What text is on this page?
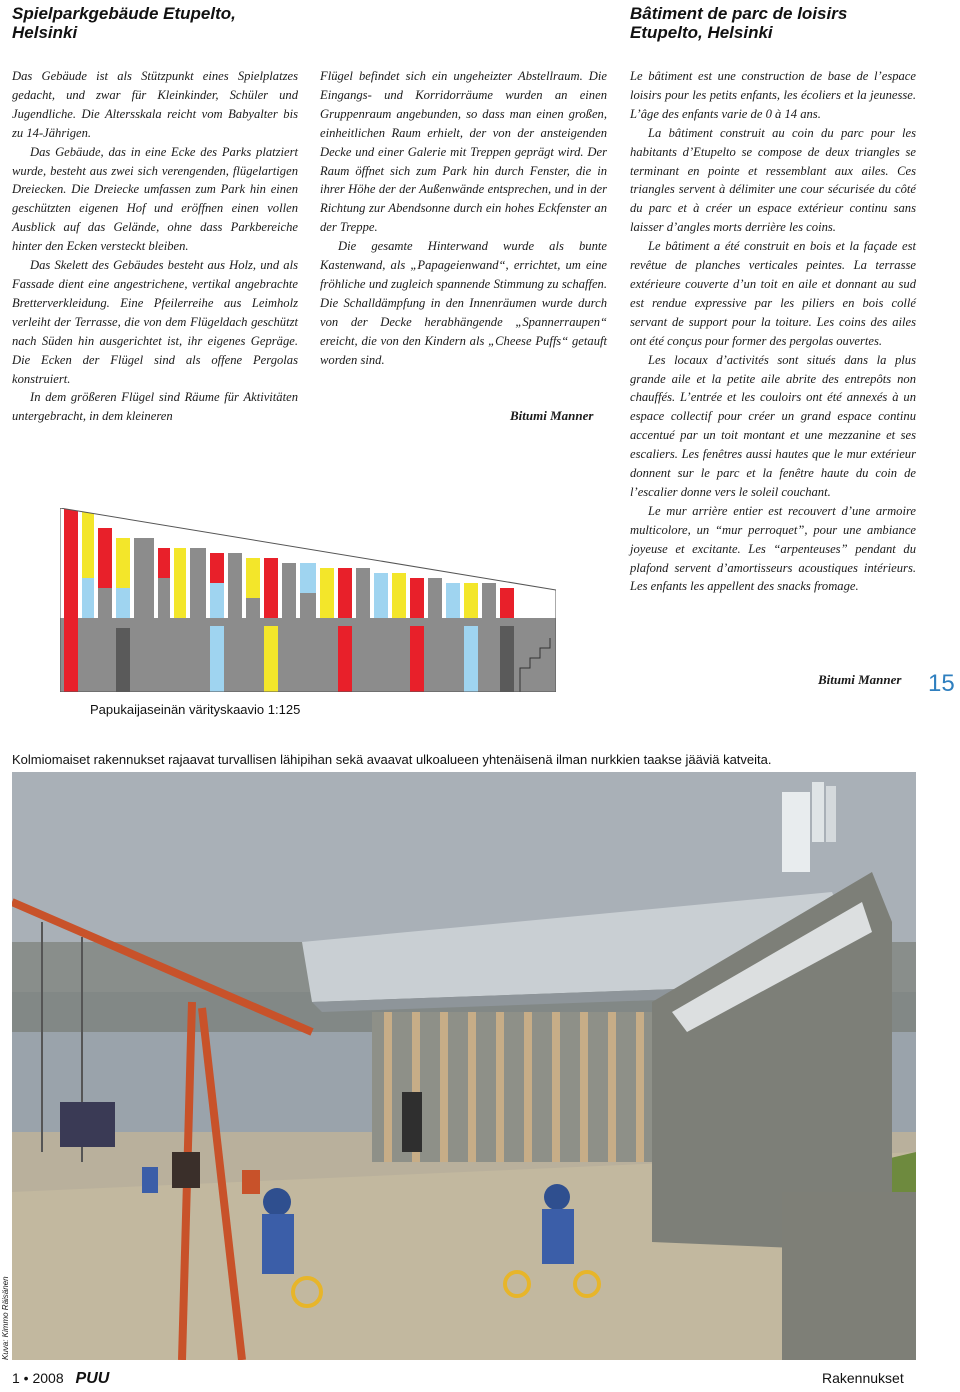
Spielparkgebäude Etupelto,
Helsinki
Bâtiment de parc de loisirs
Etupelto, Helsinki

Das Gebäude ist als Stützpunkt eines Spielplatzes gedacht, und zwar für Kleinkinder, Schüler und Jugendliche. Die Altersskala reicht vom Babyalter bis zu 14-Jährigen.

Das Gebäude, das in eine Ecke des Parks platziert wurde, besteht aus zwei sich verengenden, flügelartigen Dreiecken. Die Dreiecke umfassen zum Park hin einen geschützten eigenen Hof und eröffnen einen vollen Ausblick auf das Gelände, ohne dass Parkbereiche hinter den Ecken versteckt bleiben.

Das Skelett des Gebäudes besteht aus Holz, und als Fassade dient eine angestrichene, vertikal angebrachte Bretterverkleidung. Eine Pfeilerreihe aus Leimholz verleiht der Terrasse, die von dem Flügeldach geschützt nach Süden hin ausgerichtet ist, ihr eigenes Gepräge. Die Ecken der Flügel sind als offene Pergolas konstruiert.

In dem größeren Flügel sind Räume für Aktivitäten untergebracht, in dem kleineren

Flügel befindet sich ein ungeheizter Abstellraum. Die Eingangs- und Korridorräume wurden an einen Gruppenraum angebunden, so dass man einen großen, einheitlichen Raum erhielt, der von der ansteigenden Decke und einer Galerie mit Treppen geprägt wird. Der Raum öffnet sich zum Park hin durch Fenster, die in ihrer Höhe der der Außenwände entsprechen, und in der Richtung zur Abendsonne durch ein hohes Eckfenster an der Treppe.

Die gesamte Hinterwand wurde als bunte Kastenwand, als „Papageienwand“, errichtet, um eine fröhliche und zugleich spannende Stimmung zu schaffen. Die Schalldämpfung in den Innenräumen wurde durch von der Decke herabhängende „Spannerraupen“ ereicht, die von den Kindern als „Cheese Puffs“ getauft worden sind.

Bitumi Manner

Le bâtiment est une construction de base de l’espace loisirs pour les petits enfants, les écoliers et la jeunesse. L’âge des enfants varie de 0 à 14 ans.

La bâtiment construit au coin du parc pour les habitants d’Etupelto se compose de deux triangles se terminant en pointe et ressemblant aux ailes. Ces triangles servent à délimiter une cour sécurisée du côté du parc et à créer un espace extérieur continu sans laisser d’angles morts derrière les coins.

Le bâtiment a été construit en bois et la façade est revêtue de planches verticales peintes. La terrasse extérieure couverte d’un toit en aile et donnant au sud est rendue expressive par les piliers en bois collé servant de support pour la toiture. Les coins des ailes ont été conçus pour former des pergolas ouvertes.

Les locaux d’activités sont situés dans la plus grande aile et la petite aile abrite des entrepôts non chauffés. L’entrée et les couloirs ont été annexés à un espace collectif pour créer un grand espace continu accentué par un toit montant et une mezzanine et ses escaliers. Les fenêtres aussi hautes que le mur extérieur donnent sur le parc et la fenêtre haute du coin de l’escalier donne vers le soleil couchant.

Le mur arrière entier est recouvert d’une armoire multicolore, un “mur perroquet”, pour une ambiance joyeuse et excitante. Les “arpenteuses” pendant du plafond servent d’amortisseurs acoustiques intérieurs. Les enfants les appellent des snacks fromage.

Bitumi Manner 15
Papukaijaseinän värityskaavio 1:125
Kolmiomaiset rakennukset rajaavat turvallisen lähipihan sekä avaavat ulkoalueen yhtenäisenä ilman nurkkien taakse jääviä katveita.
Kuva: Kimmo Räisänen
1 • 2008 PUU	Rakennukset
